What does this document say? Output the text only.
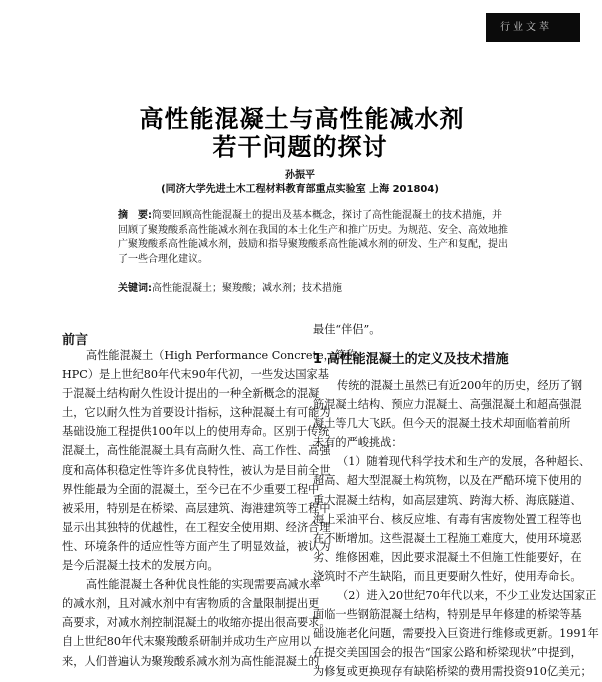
行业文萃
高性能混凝土与高性能减水剂
若干问题的探讨
孙振平
(同济大学先进土木工程材料教育部重点实验室 上海 201804)
摘　要:简要回顾高性能混凝土的提出及基本概念，探讨了高性能混凝土的技术措施，并
回顾了聚羧酸系高性能减水剂在我国的本土化生产和推广历史。为规范、安全、高效地推
广聚羧酸系高性能减水剂，鼓励和指导聚羧酸系高性能减水剂的研发、生产和复配，提出
了一些合理化建议。
关键词:高性能混凝土；聚羧酸；减水剂；技术措施
前言
高性能混凝土（High Performance Concrete，简称
HPC）是上世纪80年代末90年代初，一些发达国家基
于混凝土结构耐久性设计提出的一种全新概念的混凝
土，它以耐久性为首要设计指标，这种混凝土有可能为
基础设施工程提供100年以上的使用寿命。区别于传统
混凝土，高性能混凝土具有高耐久性、高工作性、高强
度和高体积稳定性等许多优良特性，被认为是目前全世
界性能最为全面的混凝土，至今已在不少重要工程中
被采用，特别是在桥梁、高层建筑、海港建筑等工程中
显示出其独特的优越性，在工程安全使用期、经济合理
性、环境条件的适应性等方面产生了明显效益，被认为
是今后混凝土技术的发展方向。
高性能混凝土各种优良性能的实现需要高减水率
的减水剂，且对减水剂中有害物质的含量限制提出更
高要求，对减水剂控制混凝土的收缩亦提出很高要求。
自上世纪80年代末聚羧酸系研制并成功生产应用以
来，人们普遍认为聚羧酸系减水剂为高性能混凝土的
最佳“伴侣”。
1 高性能混凝土的定义及技术措施
传统的混凝土虽然已有近200年的历史，经历了钢
筋混凝土结构、预应力混凝土、高强混凝土和超高强混
凝土等几大飞跃。但今天的混凝土技术却面临着前所
未有的严峻挑战：
（1）随着现代科学技术和生产的发展，各种超长、
超高、超大型混凝土构筑物，以及在严酷环境下使用的
重大混凝土结构，如高层建筑、跨海大桥、海底隧道、
海上采油平台、核反应堆、有毒有害废物处置工程等也
在不断增加。这些混凝土工程施工难度大，使用环境恶
劣、维修困难，因此要求混凝土不但施工性能要好，在
浇筑时不产生缺陷，而且更要耐久性好，使用寿命长。
（2）进入20世纪70年代以来，不少工业发达国家正
面临一些钢筋混凝土结构，特别是早年修建的桥梁等基
础设施老化问题，需要投入巨资进行维修或更新。1991年
在提交美国国会的报告“国家公路和桥梁现状”中提到，
为修复或更换现存有缺陷桥梁的费用需投资910亿美元；
